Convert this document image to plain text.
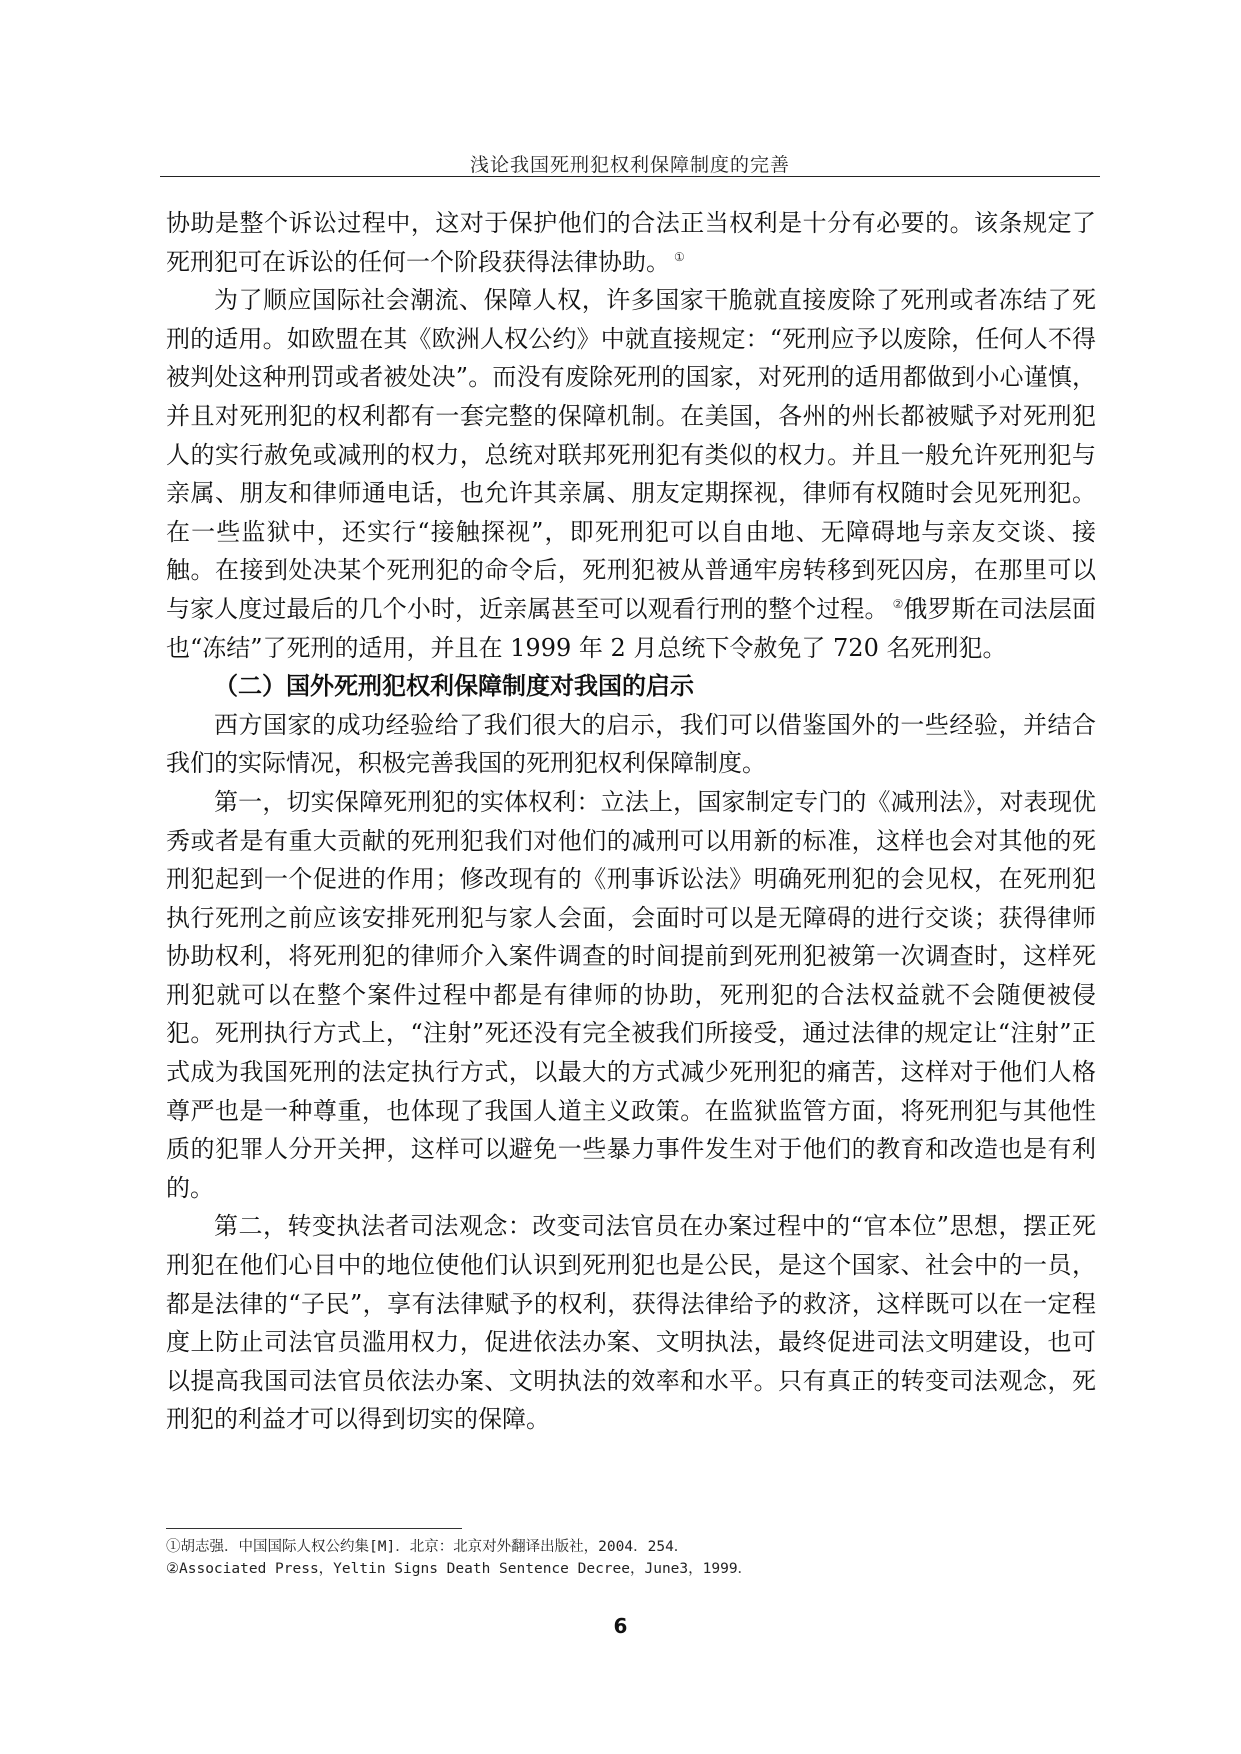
浅论我国死刑犯权利保障制度的完善

协助是整个诉讼过程中，这对于保护他们的合法正当权利是十分有必要的。该条规定了死刑犯可在诉讼的任何一个阶段获得法律协助。 ①

为了顺应国际社会潮流、保障人权，许多国家干脆就直接废除了死刑或者冻结了死刑的适用。如欧盟在其《欧洲人权公约》中就直接规定：“死刑应予以废除，任何人不得被判处这种刑罚或者被处决”。而没有废除死刑的国家，对死刑的适用都做到小心谨慎，并且对死刑犯的权利都有一套完整的保障机制。在美国，各州的州长都被赋予对死刑犯人的实行赦免或减刑的权力，总统对联邦死刑犯有类似的权力。并且一般允许死刑犯与亲属、朋友和律师通电话，也允许其亲属、朋友定期探视，律师有权随时会见死刑犯。在一些监狱中，还实行“接触探视”，即死刑犯可以自由地、无障碍地与亲友交谈、接触。在接到处决某个死刑犯的命令后，死刑犯被从普通牢房转移到死囚房，在那里可以与家人度过最后的几个小时，近亲属甚至可以观看行刑的整个过程。 ②俄罗斯在司法层面也“冻结”了死刑的适用，并且在 1999 年 2 月总统下令赦免了 720 名死刑犯。

（二）国外死刑犯权利保障制度对我国的启示

西方国家的成功经验给了我们很大的启示，我们可以借鉴国外的一些经验，并结合我们的实际情况，积极完善我国的死刑犯权利保障制度。

第一，切实保障死刑犯的实体权利：立法上，国家制定专门的《减刑法》，对表现优秀或者是有重大贡献的死刑犯我们对他们的减刑可以用新的标准，这样也会对其他的死刑犯起到一个促进的作用；修改现有的《刑事诉讼法》明确死刑犯的会见权，在死刑犯执行死刑之前应该安排死刑犯与家人会面，会面时可以是无障碍的进行交谈；获得律师协助权利，将死刑犯的律师介入案件调查的时间提前到死刑犯被第一次调查时，这样死刑犯就可以在整个案件过程中都是有律师的协助，死刑犯的合法权益就不会随便被侵犯。死刑执行方式上，“注射”死还没有完全被我们所接受，通过法律的规定让“注射”正式成为我国死刑的法定执行方式，以最大的方式减少死刑犯的痛苦，这样对于他们人格尊严也是一种尊重，也体现了我国人道主义政策。在监狱监管方面，将死刑犯与其他性质的犯罪人分开关押，这样可以避免一些暴力事件发生对于他们的教育和改造也是有利的。

第二，转变执法者司法观念：改变司法官员在办案过程中的“官本位”思想，摆正死刑犯在他们心目中的地位使他们认识到死刑犯也是公民，是这个国家、社会中的一员，都是法律的“子民”，享有法律赋予的权利，获得法律给予的救济，这样既可以在一定程度上防止司法官员滥用权力，促进依法办案、文明执法，最终促进司法文明建设，也可以提高我国司法官员依法办案、文明执法的效率和水平。只有真正的转变司法观念，死刑犯的利益才可以得到切实的保障。

①胡志强．中国国际人权公约集[M]．北京：北京对外翻译出版社，2004．254．
②Associated Press，Yeltin Signs Death Sentence Decree，June3，1999．
6
